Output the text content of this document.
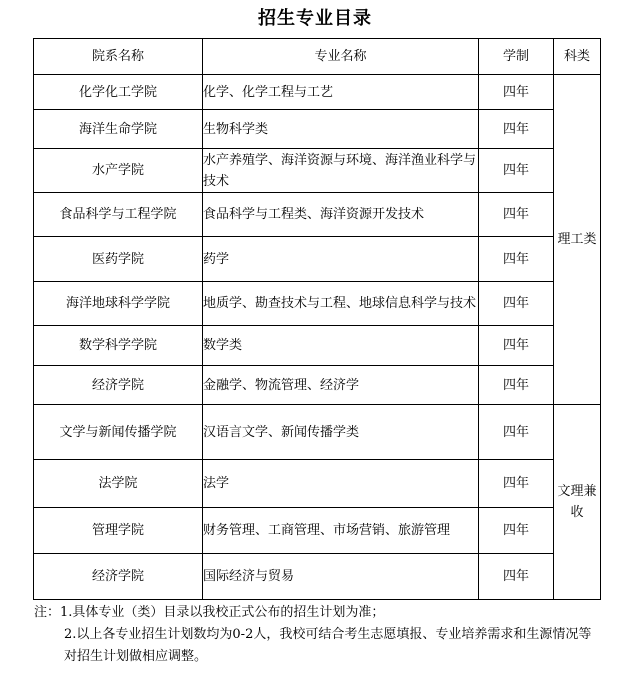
招生专业目录
院系名称	专业名称	学制	科类
化学化工学院	化学、化学工程与工艺	四年	理工类
海洋生命学院	生物科学类	四年	
水产学院	水产养殖学、海洋资源与环境、海洋渔业科学与技术	四年	
食品科学与工程学院	食品科学与工程类、海洋资源开发技术	四年	
医药学院	药学	四年	
海洋地球科学学院	地质学、勘查技术与工程、地球信息科学与技术	四年	
数学科学学院	数学类	四年	
经济学院	金融学、物流管理、经济学	四年	
文学与新闻传播学院	汉语言文学、新闻传播学类	四年	文理兼收
法学院	法学	四年	
管理学院	财务管理、工商管理、市场营销、旅游管理	四年	
经济学院	国际经济与贸易	四年	

注：1.具体专业（类）目录以我校正式公布的招生计划为准；

2.以上各专业招生计划数均为0-2人，我校可结合考生志愿填报、专业培养需求和生源情况等对招生计划做相应调整。
